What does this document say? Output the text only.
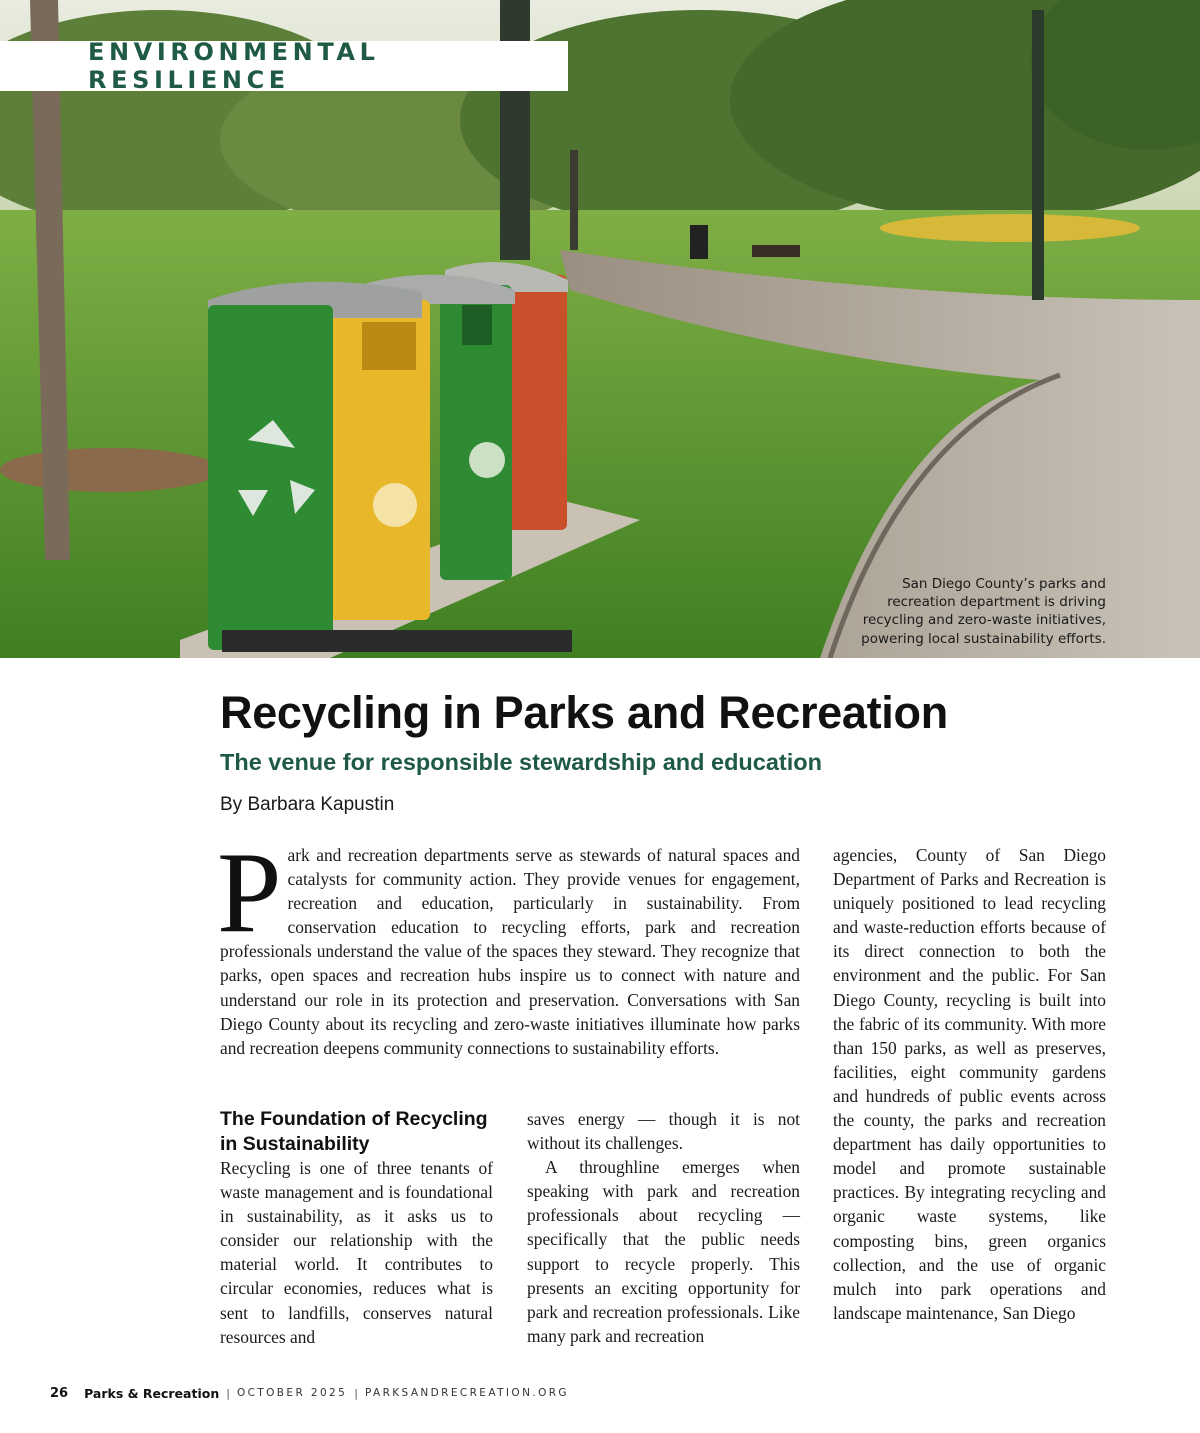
ENVIRONMENTAL RESILIENCE
San Diego County’s parks and recreation department is driving recycling and zero-waste initiatives, powering local sustainability efforts.
Recycling in Parks and Recreation
The venue for responsible stewardship and education

By Barbara Kapustin

Park and recreation departments serve as stewards of natural spaces and catalysts for community action. They provide venues for engagement, recreation and education, particularly in sustainability. From conservation education to recycling efforts, park and recreation professionals understand the value of the spaces they steward. They recognize that parks, open spaces and recreation hubs inspire us to connect with nature and understand our role in its protection and preservation. Conversations with San Diego County about its recycling and zero-waste initiatives illuminate how parks and recreation deepens community connections to sustainability efforts.

The Foundation of Recycling in Sustainability

Recycling is one of three tenants of waste management and is foundational in sustainability, as it asks us to consider our relationship with the material world. It contributes to circular economies, reduces what is sent to landfills, conserves natural resources and

saves energy — though it is not without its challenges.

A throughline emerges when speaking with park and recreation professionals about recycling — specifically that the public needs support to recycle properly. This presents an exciting opportunity for park and recreation professionals. Like many park and recreation

agencies, County of San Diego Department of Parks and Recreation is uniquely positioned to lead recycling and waste-reduction efforts because of its direct connection to both the environment and the public. For San Diego County, recycling is built into the fabric of its community. With more than 150 parks, as well as preserves, facilities, eight community gardens and hundreds of public events across the county, the parks and recreation department has daily opportunities to model and promote sustainable practices. By integrating recycling and organic waste systems, like composting bins, green organics collection, and the use of organic mulch into park operations and landscape maintenance, San Diego

26 Parks & Recreation | OCTOBER 2025 | PARKSANDRECREATION.ORG
